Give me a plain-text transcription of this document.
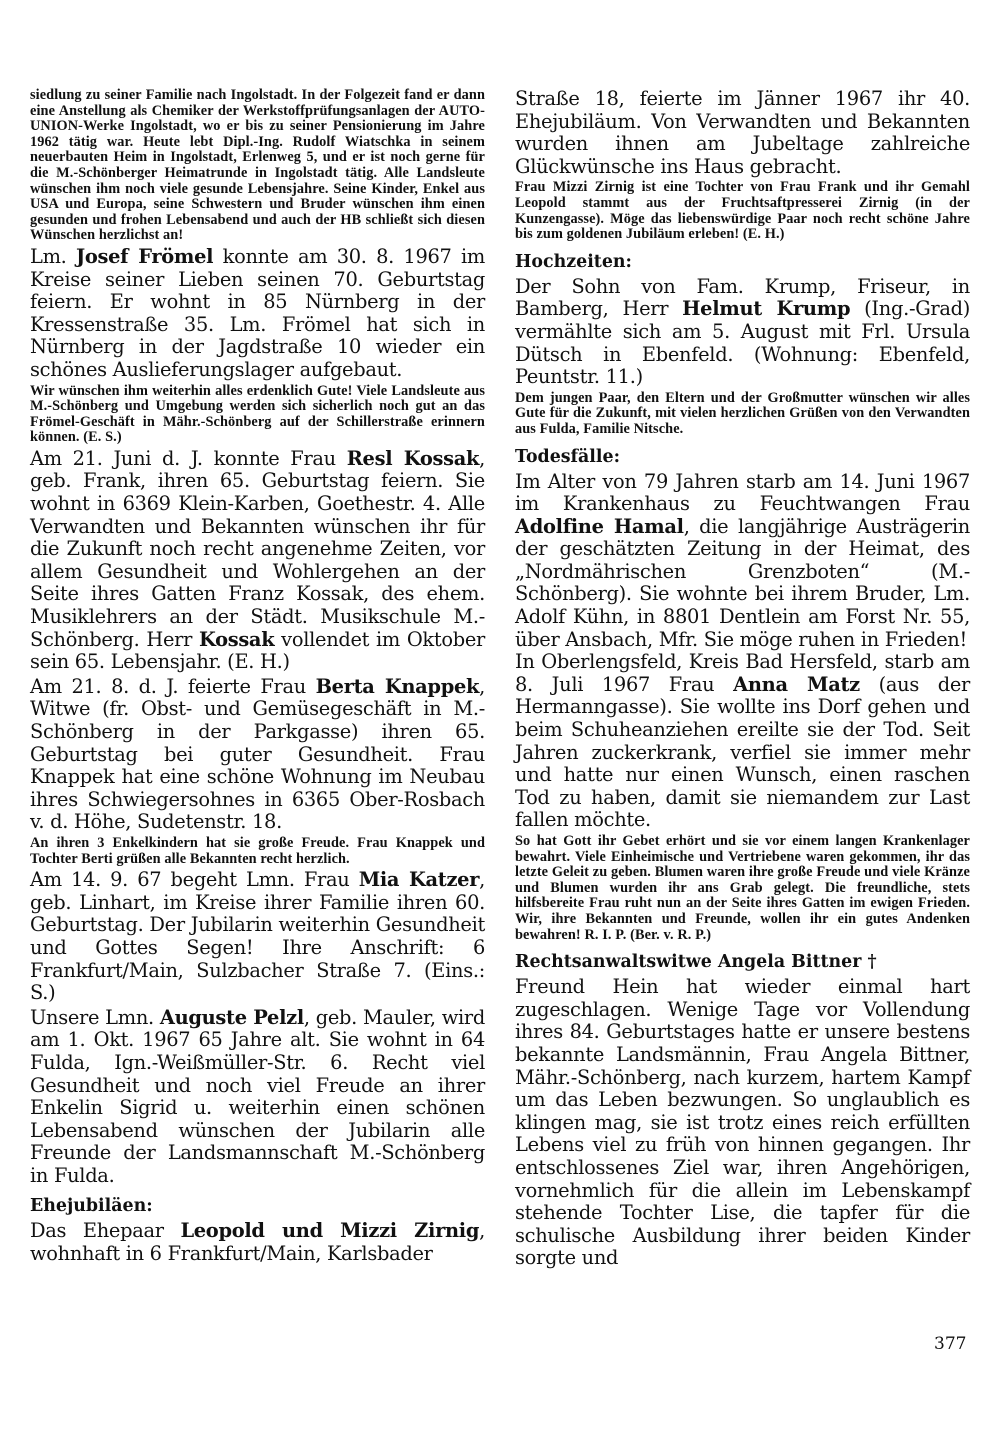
siedlung zu seiner Familie nach Ingolstadt. In der Folgezeit fand er dann eine Anstellung als Chemiker der Werkstoffprüfungsanlagen der AUTO-UNION-Werke Ingolstadt, wo er bis zu seiner Pensionierung im Jahre 1962 tätig war. Heute lebt Dipl.-Ing. Rudolf Wiatschka in seinem neuerbauten Heim in Ingolstadt, Erlenweg 5, und er ist noch gerne für die M.-Schönberger Heimatrunde in Ingolstadt tätig. Alle Landsleute wünschen ihm noch viele gesunde Lebensjahre. Seine Kinder, Enkel aus USA und Europa, seine Schwestern und Bruder wünschen ihm einen gesunden und frohen Lebensabend und auch der HB schließt sich diesen Wünschen herzlichst an!

Lm. Josef Frömel konnte am 30. 8. 1967 im Kreise seiner Lieben seinen 70. Geburtstag feiern. Er wohnt in 85 Nürnberg in der Kressenstraße 35. Lm. Frömel hat sich in Nürnberg in der Jagdstraße 10 wieder ein schönes Auslieferungslager aufgebaut.

Wir wünschen ihm weiterhin alles erdenklich Gute! Viele Landsleute aus M.-Schönberg und Umgebung werden sich sicherlich noch gut an das Frömel-Geschäft in Mähr.-Schönberg auf der Schillerstraße erinnern können. (E. S.)

Am 21. Juni d. J. konnte Frau Resl Kossak, geb. Frank, ihren 65. Geburtstag feiern. Sie wohnt in 6369 Klein-Karben, Goethestr. 4. Alle Verwandten und Bekannten wünschen ihr für die Zukunft noch recht angenehme Zeiten, vor allem Gesundheit und Wohlergehen an der Seite ihres Gatten Franz Kossak, des ehem. Musiklehrers an der Städt. Musikschule M.-Schönberg. Herr Kossak vollendet im Oktober sein 65. Lebensjahr. (E. H.)

Am 21. 8. d. J. feierte Frau Berta Knappek, Witwe (fr. Obst- und Gemüsegeschäft in M.-Schönberg in der Parkgasse) ihren 65. Geburtstag bei guter Gesundheit. Frau Knappek hat eine schöne Wohnung im Neubau ihres Schwiegersohnes in 6365 Ober-Rosbach v. d. Höhe, Sudetenstr. 18.

An ihren 3 Enkelkindern hat sie große Freude. Frau Knappek und Tochter Berti grüßen alle Bekannten recht herzlich.

Am 14. 9. 67 begeht Lmn. Frau Mia Katzer, geb. Linhart, im Kreise ihrer Familie ihren 60. Geburtstag. Der Jubilarin weiterhin Gesundheit und Gottes Segen! Ihre Anschrift: 6 Frankfurt/Main, Sulzbacher Straße 7. (Eins.: S.)

Unsere Lmn. Auguste Pelzl, geb. Mauler, wird am 1. Okt. 1967 65 Jahre alt. Sie wohnt in 64 Fulda, Ign.-Weißmüller-Str. 6. Recht viel Gesundheit und noch viel Freude an ihrer Enkelin Sigrid u. weiterhin einen schönen Lebensabend wünschen der Jubilarin alle Freunde der Landsmannschaft M.-Schönberg in Fulda.

Ehejubiläen:

Das Ehepaar Leopold und Mizzi Zirnig, wohnhaft in 6 Frankfurt/Main, Karlsbader

Straße 18, feierte im Jänner 1967 ihr 40. Ehejubiläum. Von Verwandten und Bekannten wurden ihnen am Jubeltage zahlreiche Glückwünsche ins Haus gebracht.

Frau Mizzi Zirnig ist eine Tochter von Frau Frank und ihr Gemahl Leopold stammt aus der Fruchtsaftpresserei Zirnig (in der Kunzengasse). Möge das liebenswürdige Paar noch recht schöne Jahre bis zum goldenen Jubiläum erleben! (E. H.)

Hochzeiten:

Der Sohn von Fam. Krump, Friseur, in Bamberg, Herr Helmut Krump (Ing.-Grad) vermählte sich am 5. August mit Frl. Ursula Dütsch in Ebenfeld. (Wohnung: Ebenfeld, Peuntstr. 11.)

Dem jungen Paar, den Eltern und der Großmutter wünschen wir alles Gute für die Zukunft, mit vielen herzlichen Grüßen von den Verwandten aus Fulda, Familie Nitsche.

Todesfälle:

Im Alter von 79 Jahren starb am 14. Juni 1967 im Krankenhaus zu Feuchtwangen Frau Adolfine Hamal, die langjährige Austrägerin der geschätzten Zeitung in der Heimat, des „Nordmährischen Grenzboten“ (M.-Schönberg). Sie wohnte bei ihrem Bruder, Lm. Adolf Kühn, in 8801 Dentlein am Forst Nr. 55, über Ansbach, Mfr. Sie möge ruhen in Frieden!

In Oberlengsfeld, Kreis Bad Hersfeld, starb am 8. Juli 1967 Frau Anna Matz (aus der Hermanngasse). Sie wollte ins Dorf gehen und beim Schuheanziehen ereilte sie der Tod. Seit Jahren zuckerkrank, verfiel sie immer mehr und hatte nur einen Wunsch, einen raschen Tod zu haben, damit sie niemandem zur Last fallen möchte.

So hat Gott ihr Gebet erhört und sie vor einem langen Krankenlager bewahrt. Viele Einheimische und Vertriebene waren gekommen, ihr das letzte Geleit zu geben. Blumen waren ihre große Freude und viele Kränze und Blumen wurden ihr ans Grab gelegt. Die freundliche, stets hilfsbereite Frau ruht nun an der Seite ihres Gatten im ewigen Frieden. Wir, ihre Bekannten und Freunde, wollen ihr ein gutes Andenken bewahren! R. I. P. (Ber. v. R. P.)

Rechtsanwaltswitwe Angela Bittner †

Freund Hein hat wieder einmal hart zugeschlagen. Wenige Tage vor Vollendung ihres 84. Geburtstages hatte er unsere bestens bekannte Landsmännin, Frau Angela Bittner, Mähr.-Schönberg, nach kurzem, hartem Kampf um das Leben bezwungen. So unglaublich es klingen mag, sie ist trotz eines reich erfüllten Lebens viel zu früh von hinnen gegangen. Ihr entschlossenes Ziel war, ihren Angehörigen, vornehmlich für die allein im Lebenskampf stehende Tochter Lise, die tapfer für die schulische Ausbildung ihrer beiden Kinder sorgte und

377
